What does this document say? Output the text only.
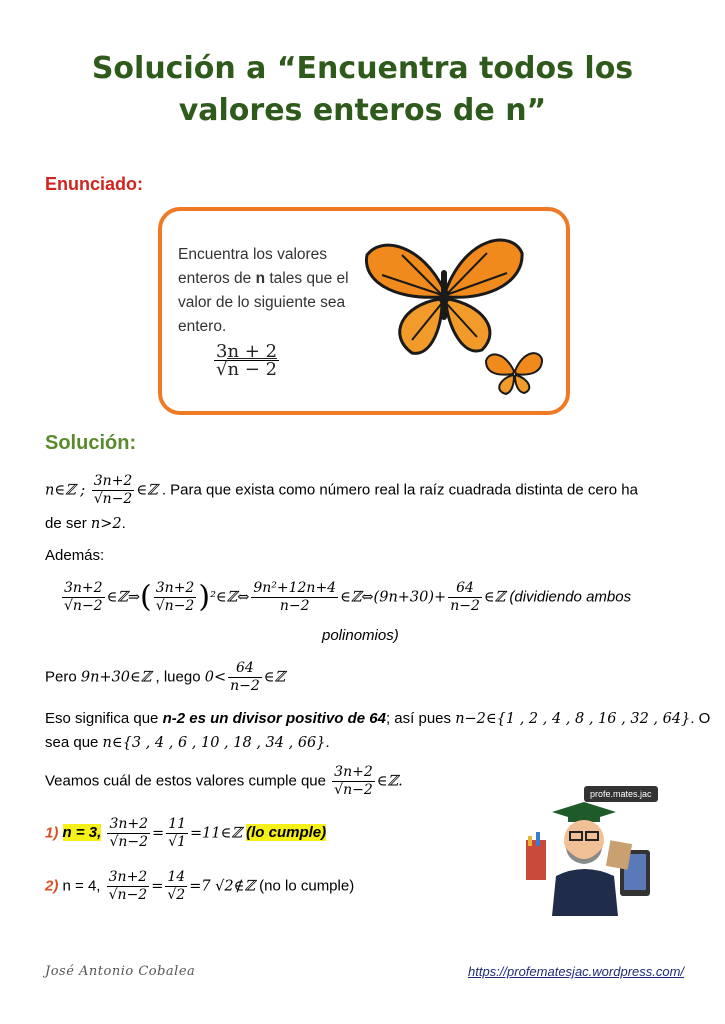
Solución a “Encuentra todos los valores enteros de n”
Enunciado:
Encuentra los valores enteros de n tales que el valor de lo siguiente sea entero.
$\frac{3n + 2}{√n - 2}$
Solución:
n∈ℤ ; $\frac{3n+2}{√n-2}$ ∈ℤ . Para que exista como número real la raíz cuadrada distinta de cero ha
de ser n>2.
Además:
$\frac{3n+2}{√n-2}$ ∈ℤ⇒( $\frac{3n+2}{√n-2}$ )²∈ℤ⇔ $\frac{\text{9n²+12n+4}}{n-2}$ ∈ℤ⇔(9n+30)+ $\frac{64}{n-2}$ ∈ℤ (dividiendo ambos
polinomios)
Pero 9n+30∈ℤ , luego $0< \frac{64}{n-2}$ ∈ℤ
Eso significa que n-2 es un divisor positivo de 64; así pues n−2∈{1 , 2 , 4 , 8 , 16 , 32 , 64}. O
sea que n∈{3 , 4 , 6 , 10 , 18 , 34 , 66}.
Veamos cuál de estos valores cumple que $\frac{3n+2}{√n-2}$ ∈ℤ.
1) n = 3, $\frac{3n+2}{√n-2} = \frac{11}{√1}$ =11∈ℤ (lo cumple)
2) n = 4, $\frac{3n+2}{√n-2} = \frac{14}{√2} =7$ √2∉ℤ (no lo cumple)
profe.mates.jac
José Antonio Cobalea	https://profematesjac.wordpress.com/
